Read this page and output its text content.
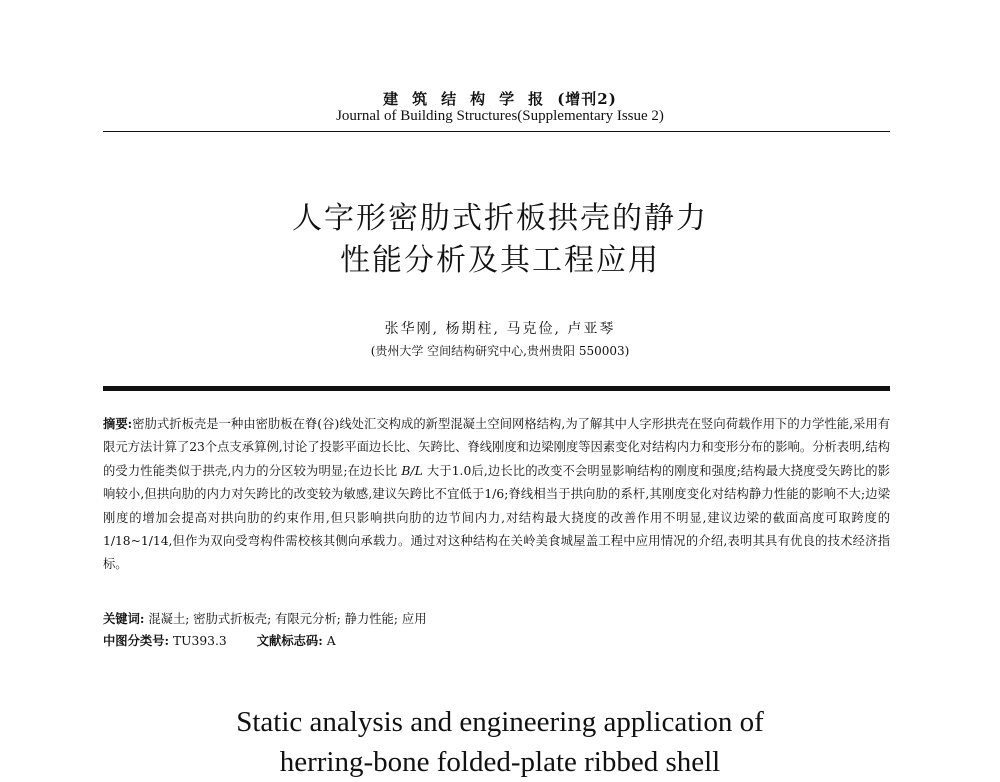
建筑结构学报(增刊2)
Journal of Building Structures(Supplementary Issue 2)
人字形密肋式折板拱壳的静力
性能分析及其工程应用
张华刚, 杨期柱, 马克俭, 卢亚琴
(贵州大学 空间结构研究中心,贵州贵阳 550003)

摘要:密肋式折板壳是一种由密肋板在脊(谷)线处汇交构成的新型混凝土空间网格结构,为了解其中人字形拱壳在竖向荷载作用下的力学性能,采用有限元方法计算了23个点支承算例,讨论了投影平面边长比、矢跨比、脊线刚度和边梁刚度等因素变化对结构内力和变形分布的影响。分析表明,结构的受力性能类似于拱壳,内力的分区较为明显;在边长比 B/L 大于1.0后,边长比的改变不会明显影响结构的刚度和强度;结构最大挠度受矢跨比的影响较小,但拱向肋的内力对矢跨比的改变较为敏感,建议矢跨比不宜低于1/6;脊线相当于拱向肋的系杆,其刚度变化对结构静力性能的影响不大;边梁刚度的增加会提高对拱向肋的约束作用,但只影响拱向肋的边节间内力,对结构最大挠度的改善作用不明显,建议边梁的截面高度可取跨度的1/18~1/14,但作为双向受弯构件需校核其侧向承载力。通过对这种结构在关岭美食城屋盖工程中应用情况的介绍,表明其具有优良的技术经济指标。

关键词: 混凝土; 密肋式折板壳; 有限元分析; 静力性能; 应用
中图分类号: TU393.3 文献标志码: A
Static analysis and engineering application of
herring-bone folded-plate ribbed shell
